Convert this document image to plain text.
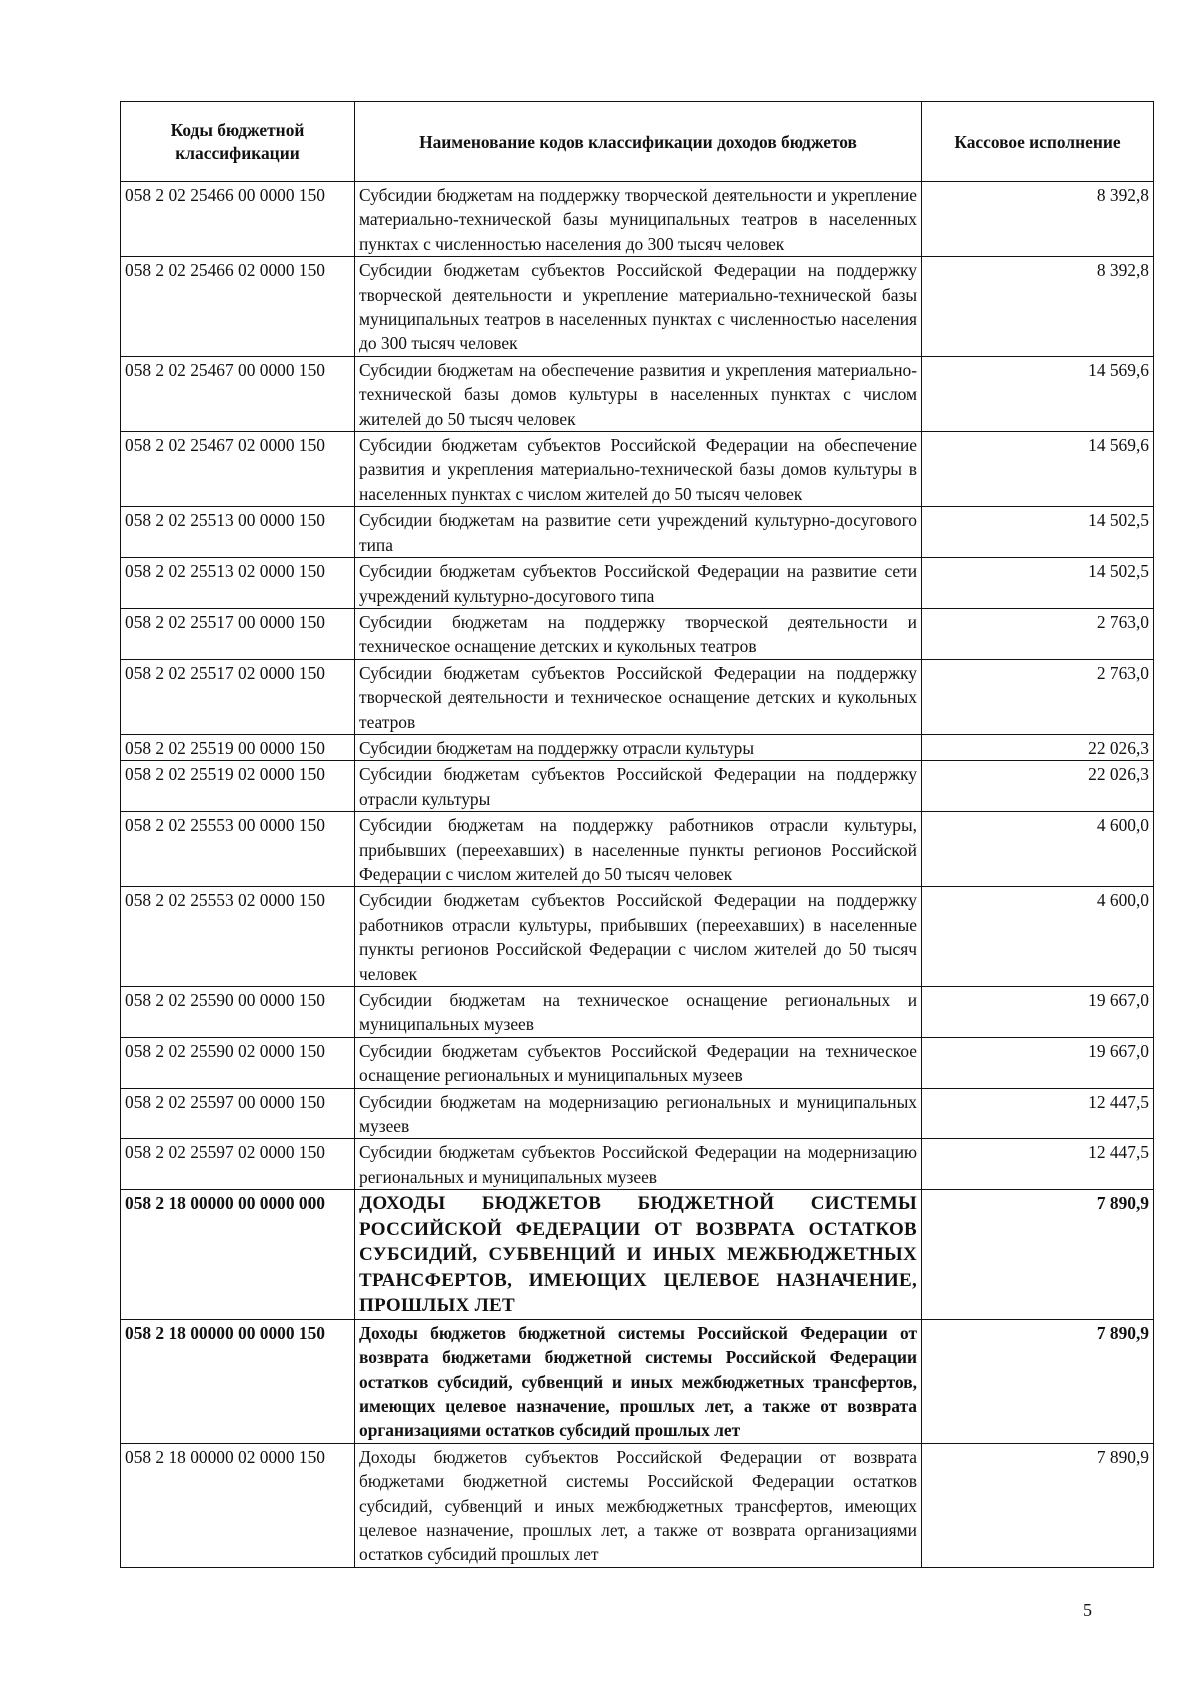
Коды бюджетной классификации	Наименование кодов классификации доходов бюджетов	Кассовое исполнение
058 2 02 25466 00 0000 150	Субсидии бюджетам на поддержку творческой деятельности и укрепление материально-технической базы муниципальных театров в населенных пунктах с численностью населения до 300 тысяч человек	8 392,8
058 2 02 25466 02 0000 150	Субсидии бюджетам субъектов Российской Федерации на поддержку творческой деятельности и укрепление материально-технической базы муниципальных театров в населенных пунктах с численностью населения до 300 тысяч человек	8 392,8
058 2 02 25467 00 0000 150	Субсидии бюджетам на обеспечение развития и укрепления материально-технической базы домов культуры в населенных пунктах с числом жителей до 50 тысяч человек	14 569,6
058 2 02 25467 02 0000 150	Субсидии бюджетам субъектов Российской Федерации на обеспечение развития и укрепления материально-технической базы домов культуры в населенных пунктах с числом жителей до 50 тысяч человек	14 569,6
058 2 02 25513 00 0000 150	Субсидии бюджетам на развитие сети учреждений культурно-досугового типа	14 502,5
058 2 02 25513 02 0000 150	Субсидии бюджетам субъектов Российской Федерации на развитие сети учреждений культурно-досугового типа	14 502,5
058 2 02 25517 00 0000 150	Субсидии бюджетам на поддержку творческой деятельности и техническое оснащение детских и кукольных театров	2 763,0
058 2 02 25517 02 0000 150	Субсидии бюджетам субъектов Российской Федерации на поддержку творческой деятельности и техническое оснащение детских и кукольных театров	2 763,0
058 2 02 25519 00 0000 150	Субсидии бюджетам на поддержку отрасли культуры	22 026,3
058 2 02 25519 02 0000 150	Субсидии бюджетам субъектов Российской Федерации на поддержку отрасли культуры	22 026,3
058 2 02 25553 00 0000 150	Субсидии бюджетам на поддержку работников отрасли культуры, прибывших (переехавших) в населенные пункты регионов Российской Федерации с числом жителей до 50 тысяч человек	4 600,0
058 2 02 25553 02 0000 150	Субсидии бюджетам субъектов Российской Федерации на поддержку работников отрасли культуры, прибывших (переехавших) в населенные пункты регионов Российской Федерации с числом жителей до 50 тысяч человек	4 600,0
058 2 02 25590 00 0000 150	Субсидии бюджетам на техническое оснащение региональных и муниципальных музеев	19 667,0
058 2 02 25590 02 0000 150	Субсидии бюджетам субъектов Российской Федерации на техническое оснащение региональных и муниципальных музеев	19 667,0
058 2 02 25597 00 0000 150	Субсидии бюджетам на модернизацию региональных и муниципальных музеев	12 447,5
058 2 02 25597 02 0000 150	Субсидии бюджетам субъектов Российской Федерации на модернизацию региональных и муниципальных музеев	12 447,5
058 2 18 00000 00 0000 000	ДОХОДЫ БЮДЖЕТОВ БЮДЖЕТНОЙ СИСТЕМЫ РОССИЙСКОЙ ФЕДЕРАЦИИ ОТ ВОЗВРАТА ОСТАТКОВ СУБСИДИЙ, СУБВЕНЦИЙ И ИНЫХ МЕЖБЮДЖЕТНЫХ ТРАНСФЕРТОВ, ИМЕЮЩИХ ЦЕЛЕВОЕ НАЗНАЧЕНИЕ, ПРОШЛЫХ ЛЕТ	7 890,9
058 2 18 00000 00 0000 150	Доходы бюджетов бюджетной системы Российской Федерации от возврата бюджетами бюджетной системы Российской Федерации остатков субсидий, субвенций и иных межбюджетных трансфертов, имеющих целевое назначение, прошлых лет, а также от возврата организациями остатков субсидий прошлых лет	7 890,9
058 2 18 00000 02 0000 150	Доходы бюджетов субъектов Российской Федерации от возврата бюджетами бюджетной системы Российской Федерации остатков субсидий, субвенций и иных межбюджетных трансфертов, имеющих целевое назначение, прошлых лет, а также от возврата организациями остатков субсидий прошлых лет	7 890,9
5
